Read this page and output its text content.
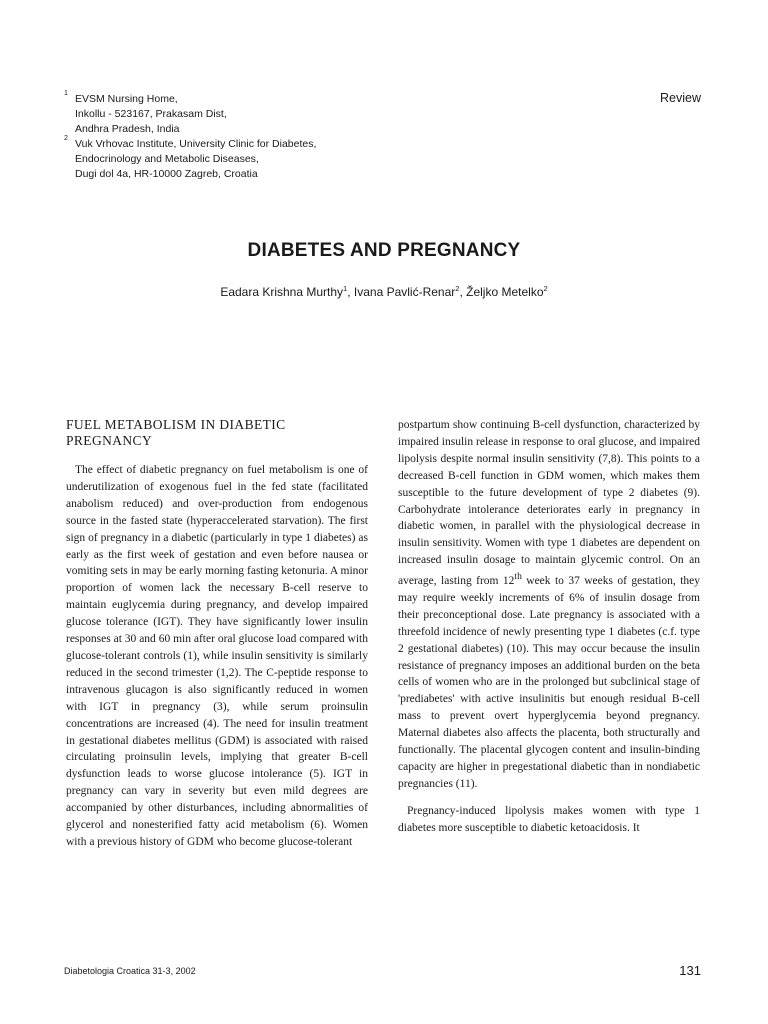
1 EVSM Nursing Home,
Inkollu - 523167, Prakasam Dist,
Andhra Pradesh, India
2 Vuk Vrhovac Institute, University Clinic for Diabetes,
Endocrinology and Metabolic Diseases,
Dugi dol 4a, HR-10000 Zagreb, Croatia
Review
DIABETES AND PREGNANCY
Eadara Krishna Murthy$^1$, Ivana Pavlić-Renar$^2$, Željko Metelko$^2$
FUEL METABOLISM IN DIABETIC PREGNANCY

The effect of diabetic pregnancy on fuel metabolism is one of underutilization of exogenous fuel in the fed state (facilitated anabolism reduced) and over-production from endogenous source in the fasted state (hyperaccelerated starvation). The first sign of pregnancy in a diabetic (particularly in type 1 diabetes) as early as the first week of gestation and even before nausea or vomiting sets in may be early morning fasting ketonuria. A minor proportion of women lack the necessary B-cell reserve to maintain euglycemia during pregnancy, and develop impaired glucose tolerance (IGT). They have significantly lower insulin responses at 30 and 60 min after oral glucose load compared with glucose-tolerant controls (1), while insulin sensitivity is similarly reduced in the second trimester (1,2). The C-peptide response to intravenous glucagon is also significantly reduced in women with IGT in pregnancy (3), while serum proinsulin concentrations are increased (4). The need for insulin treatment in gestational diabetes mellitus (GDM) is associated with raised circulating proinsulin levels, implying that greater B-cell dysfunction leads to worse glucose intolerance (5). IGT in pregnancy can vary in severity but even mild degrees are accompanied by other disturbances, including abnormalities of glycerol and nonesterified fatty acid metabolism (6). Women with a previous history of GDM who become glucose-tolerant

postpartum show continuing B-cell dysfunction, characterized by impaired insulin release in response to oral glucose, and impaired lipolysis despite normal insulin sensitivity (7,8). This points to a decreased B-cell function in GDM women, which makes them susceptible to the future development of type 2 diabetes (9). Carbohydrate intolerance deteriorates early in pregnancy in diabetic women, in parallel with the physiological decrease in insulin sensitivity. Women with type 1 diabetes are dependent on increased insulin dosage to maintain glycemic control. On an average, lasting from 12th week to 37 weeks of gestation, they may require weekly increments of 6% of insulin dosage from their preconceptional dose. Late pregnancy is associated with a threefold incidence of newly presenting type 1 diabetes (c.f. type 2 gestational diabetes) (10). This may occur because the insulin resistance of pregnancy imposes an additional burden on the beta cells of women who are in the prolonged but subclinical stage of 'prediabetes' with active insulinitis but enough residual B-cell mass to prevent overt hyperglycemia beyond pregnancy. Maternal diabetes also affects the placenta, both structurally and functionally. The placental glycogen content and insulin-binding capacity are higher in pregestational diabetic than in nondiabetic pregnancies (11).

Pregnancy-induced lipolysis makes women with type 1 diabetes more susceptible to diabetic ketoacidosis. It

Diabetologia Croatica 31-3, 2002	131
